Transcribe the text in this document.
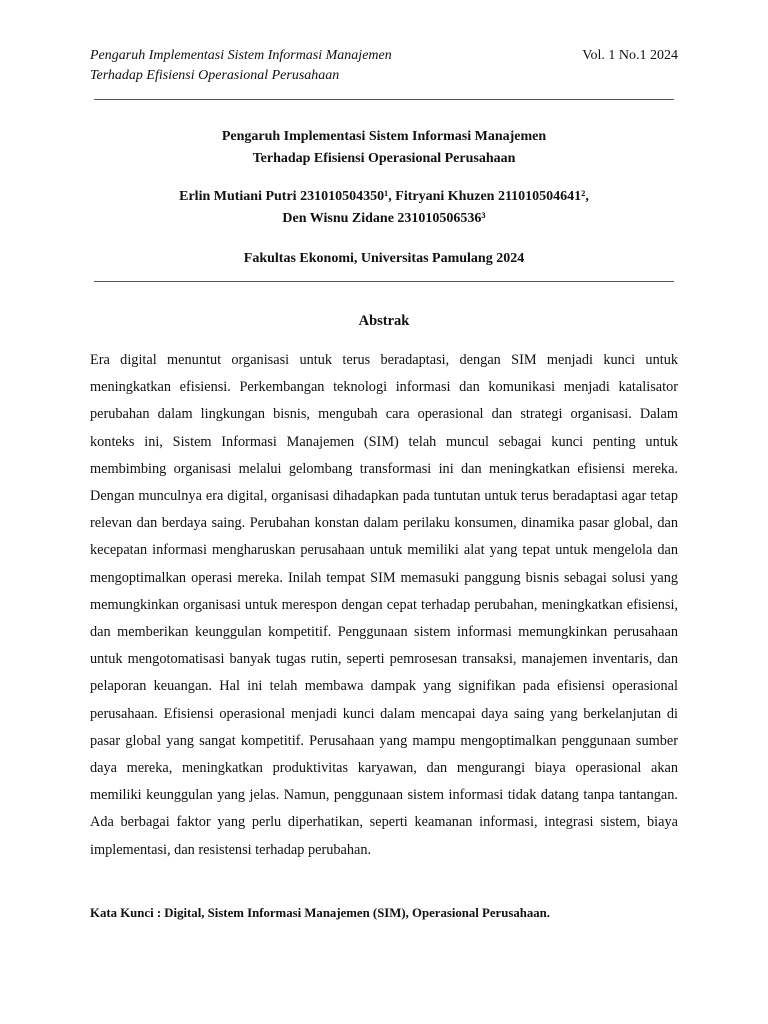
Pengaruh Implementasi Sistem Informasi Manajemen
Terhadap Efisiensi Operasional Perusahaan
Vol. 1 No.1 2024
Pengaruh Implementasi Sistem Informasi Manajemen
Terhadap Efisiensi Operasional Perusahaan
Erlin Mutiani Putri 231010504350¹, Fitryani Khuzen 211010504641²,
Den Wisnu Zidane 231010506536³
Fakultas Ekonomi, Universitas Pamulang 2024
Abstrak

Era digital menuntut organisasi untuk terus beradaptasi, dengan SIM menjadi kunci untuk meningkatkan efisiensi. Perkembangan teknologi informasi dan komunikasi menjadi katalisator perubahan dalam lingkungan bisnis, mengubah cara operasional dan strategi organisasi. Dalam konteks ini, Sistem Informasi Manajemen (SIM) telah muncul sebagai kunci penting untuk membimbing organisasi melalui gelombang transformasi ini dan meningkatkan efisiensi mereka. Dengan munculnya era digital, organisasi dihadapkan pada tuntutan untuk terus beradaptasi agar tetap relevan dan berdaya saing. Perubahan konstan dalam perilaku konsumen, dinamika pasar global, dan kecepatan informasi mengharuskan perusahaan untuk memiliki alat yang tepat untuk mengelola dan mengoptimalkan operasi mereka. Inilah tempat SIM memasuki panggung bisnis sebagai solusi yang memungkinkan organisasi untuk merespon dengan cepat terhadap perubahan, meningkatkan efisiensi, dan memberikan keunggulan kompetitif. Penggunaan sistem informasi memungkinkan perusahaan untuk mengotomatisasi banyak tugas rutin, seperti pemrosesan transaksi, manajemen inventaris, dan pelaporan keuangan. Hal ini telah membawa dampak yang signifikan pada efisiensi operasional perusahaan. Efisiensi operasional menjadi kunci dalam mencapai daya saing yang berkelanjutan di pasar global yang sangat kompetitif. Perusahaan yang mampu mengoptimalkan penggunaan sumber daya mereka, meningkatkan produktivitas karyawan, dan mengurangi biaya operasional akan memiliki keunggulan yang jelas. Namun, penggunaan sistem informasi tidak datang tanpa tantangan. Ada berbagai faktor yang perlu diperhatikan, seperti keamanan informasi, integrasi sistem, biaya implementasi, dan resistensi terhadap perubahan.

Kata Kunci : Digital, Sistem Informasi Manajemen (SIM), Operasional Perusahaan.
